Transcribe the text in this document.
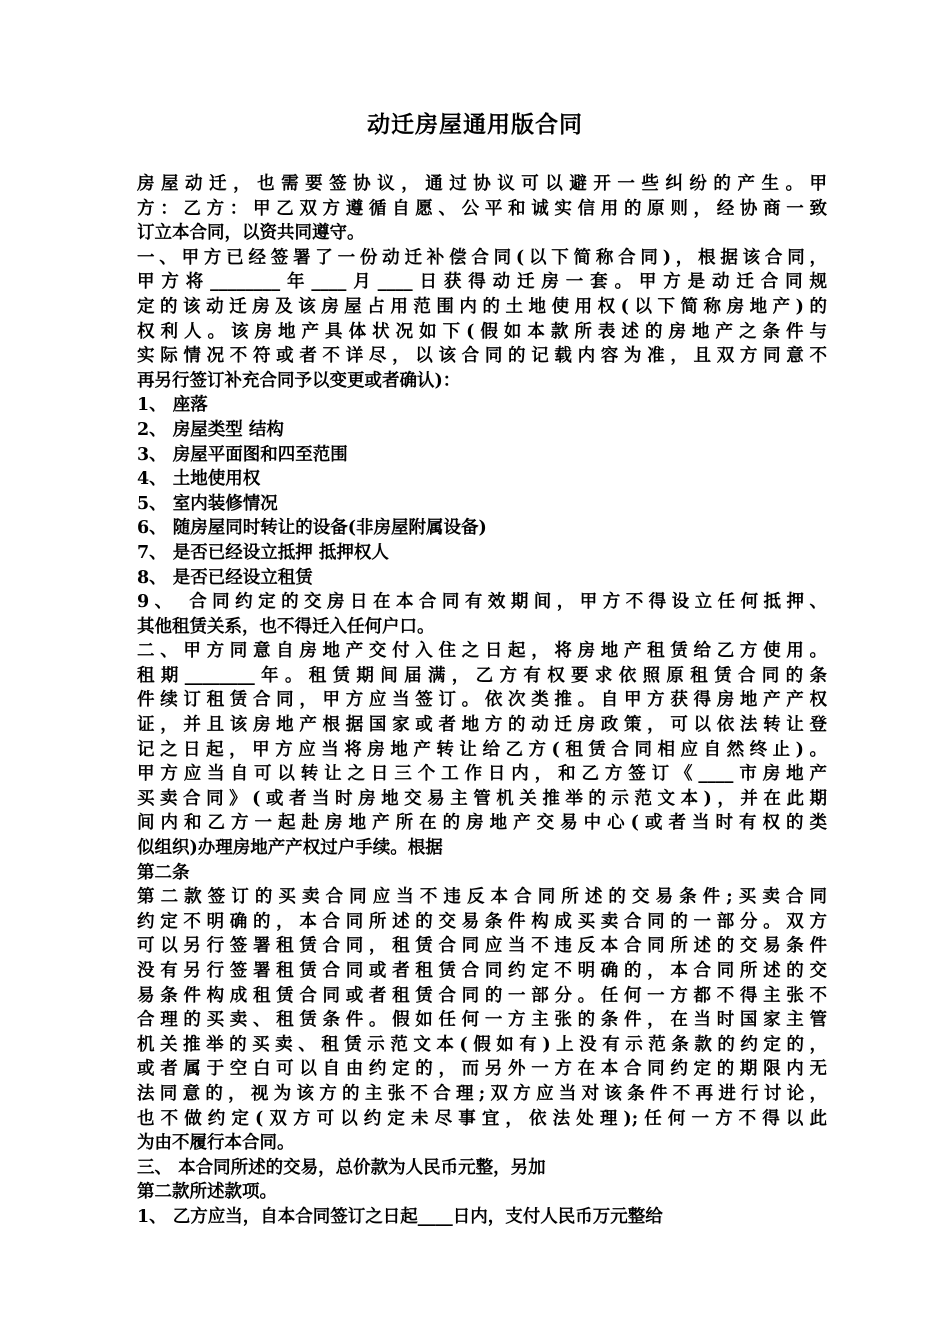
动迁房屋通用版合同
房屋动迁，也需要签协议，通过协议可以避开一些纠纷的产生。甲
方：乙方：甲乙双方遵循自愿、公平和诚实信用的原则，经协商一致
订立本合同，以资共同遵守。
一、甲方已经签署了一份动迁补偿合同(以下简称合同)，根据该合同，
甲方将________年____月____日获得动迁房一套。甲方是动迁合同规
定的该动迁房及该房屋占用范围内的土地使用权(以下简称房地产)的
权利人。该房地产具体状况如下(假如本款所表述的房地产之条件与
实际情况不符或者不详尽，以该合同的记载内容为准，且双方同意不
再另行签订补充合同予以变更或者确认)：
1、 座落
2、 房屋类型 结构
3、 房屋平面图和四至范围
4、 土地使用权
5、 室内装修情况
6、 随房屋同时转让的设备(非房屋附属设备)
7、 是否已经设立抵押 抵押权人
8、 是否已经设立租赁
9、 合同约定的交房日在本合同有效期间，甲方不得设立任何抵押、
其他租赁关系，也不得迁入任何户口。
二、甲方同意自房地产交付入住之日起，将房地产租赁给乙方使用。
租期________年。租赁期间届满，乙方有权要求依照原租赁合同的条
件续订租赁合同，甲方应当签订。依次类推。自甲方获得房地产产权
证，并且该房地产根据国家或者地方的动迁房政策，可以依法转让登
记之日起，甲方应当将房地产转让给乙方(租赁合同相应自然终止)。
甲方应当自可以转让之日三个工作日内，和乙方签订《____市房地产
买卖合同》(或者当时房地交易主管机关推举的示范文本)，并在此期
间内和乙方一起赴房地产所在的房地产交易中心(或者当时有权的类
似组织)办理房地产产权过户手续。根据
第二条
第二款签订的买卖合同应当不违反本合同所述的交易条件;买卖合同
约定不明确的，本合同所述的交易条件构成买卖合同的一部分。双方
可以另行签署租赁合同，租赁合同应当不违反本合同所述的交易条件
没有另行签署租赁合同或者租赁合同约定不明确的，本合同所述的交
易条件构成租赁合同或者租赁合同的一部分。任何一方都不得主张不
合理的买卖、租赁条件。假如任何一方主张的条件，在当时国家主管
机关推举的买卖、租赁示范文本(假如有)上没有示范条款的约定的，
或者属于空白可以自由约定的，而另外一方在本合同约定的期限内无
法同意的，视为该方的主张不合理;双方应当对该条件不再进行讨论，
也不做约定(双方可以约定未尽事宜，依法处理);任何一方不得以此
为由不履行本合同。
三、 本合同所述的交易，总价款为人民币元整，另加
第二款所述款项。
1、 乙方应当，自本合同签订之日起____日内，支付人民币万元整给
